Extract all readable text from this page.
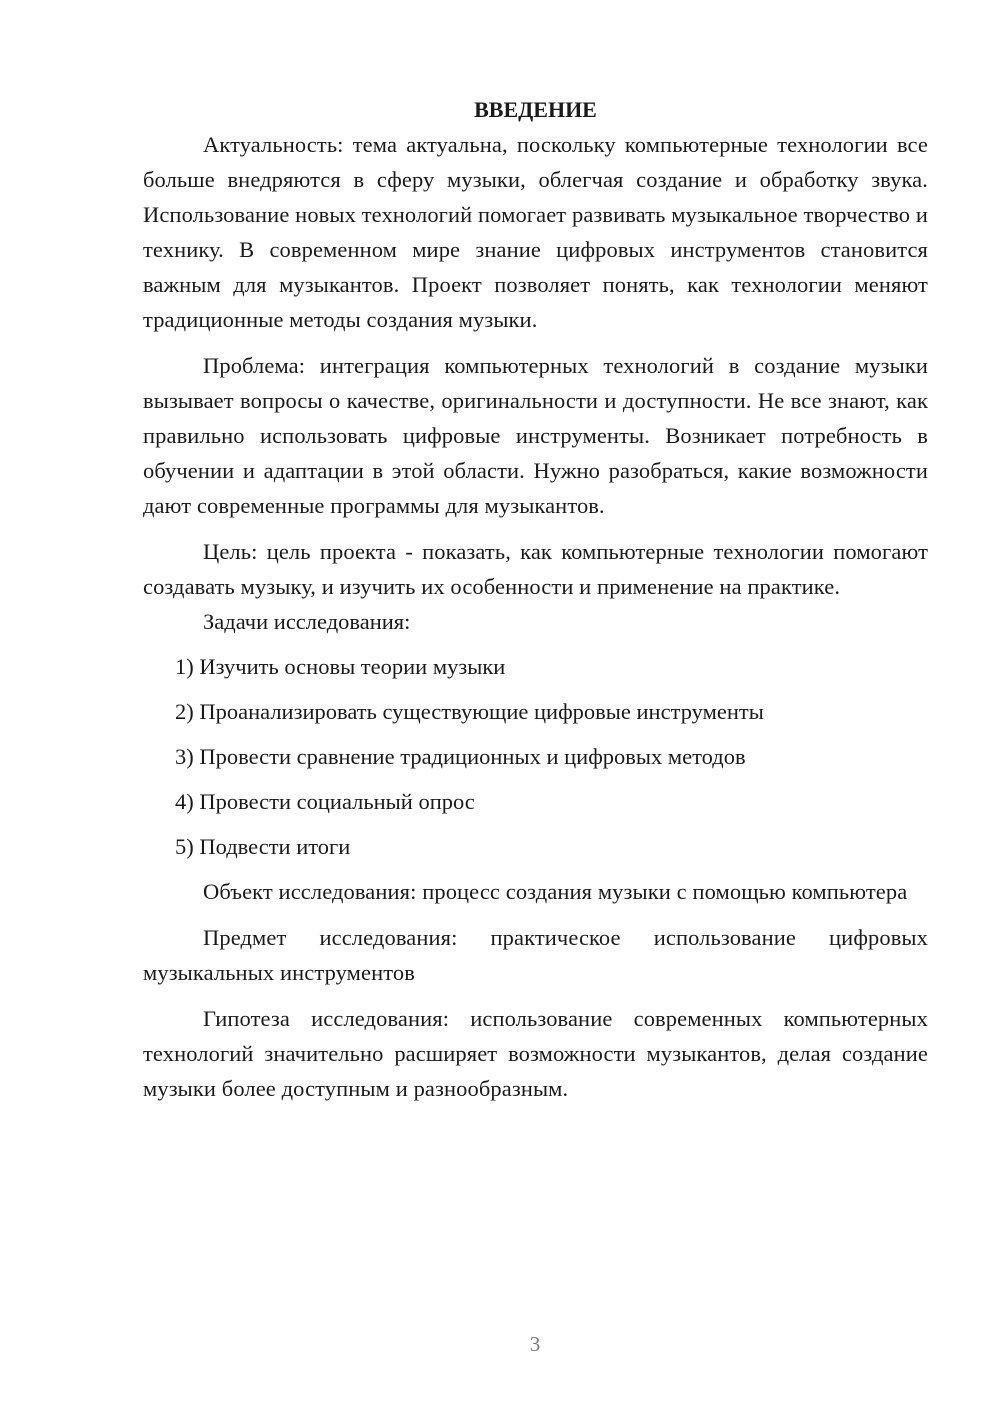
ВВЕДЕНИЕ

Актуальность: тема актуальна, поскольку компьютерные технологии все больше внедряются в сферу музыки, облегчая создание и обработку звука. Использование новых технологий помогает развивать музыкальное творчество и технику. В современном мире знание цифровых инструментов становится важным для музыкантов. Проект позволяет понять, как технологии меняют традиционные методы создания музыки.

Проблема: интеграция компьютерных технологий в создание музыки вызывает вопросы о качестве, оригинальности и доступности. Не все знают, как правильно использовать цифровые инструменты. Возникает потребность в обучении и адаптации в этой области. Нужно разобраться, какие возможности дают современные программы для музыкантов.

Цель: цель проекта - показать, как компьютерные технологии помогают создавать музыку, и изучить их особенности и применение на практике.

Задачи исследования:

1) Изучить основы теории музыки
2) Проанализировать существующие цифровые инструменты
3) Провести сравнение традиционных и цифровых методов
4) Провести социальный опрос
5) Подвести итоги

Объект исследования: процесс создания музыки с помощью компьютера

Предмет исследования: практическое использование цифровых музыкальных инструментов

Гипотеза исследования: использование современных компьютерных технологий значительно расширяет возможности музыкантов, делая создание музыки более доступным и разнообразным.

3
